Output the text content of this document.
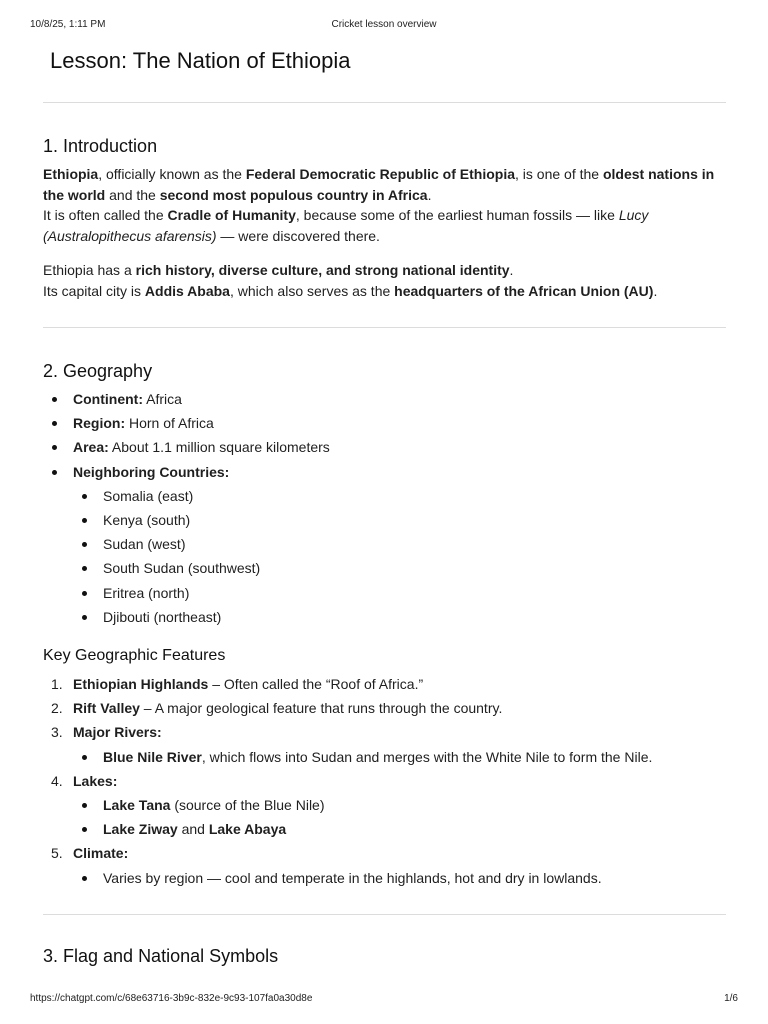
10/8/25, 1:11 PM	Cricket lesson overview
Lesson: The Nation of Ethiopia
1. Introduction

Ethiopia, officially known as the Federal Democratic Republic of Ethiopia, is one of the oldest nations in the world and the second most populous country in Africa.
It is often called the Cradle of Humanity, because some of the earliest human fossils — like Lucy (Australopithecus afarensis) — were discovered there.

Ethiopia has a rich history, diverse culture, and strong national identity.
Its capital city is Addis Ababa, which also serves as the headquarters of the African Union (AU).

2. Geography
Continent: Africa
Region: Horn of Africa
Area: About 1.1 million square kilometers
Neighboring Countries:
Somalia (east)
Kenya (south)
Sudan (west)
South Sudan (southwest)
Eritrea (north)
Djibouti (northeast)
Key Geographic Features
1. Ethiopian Highlands – Often called the “Roof of Africa.”
2. Rift Valley – A major geological feature that runs through the country.
3. Major Rivers:
Blue Nile River, which flows into Sudan and merges with the White Nile to form the Nile.
4. Lakes:
Lake Tana (source of the Blue Nile)
Lake Ziway and Lake Abaya
5. Climate:
Varies by region — cool and temperate in the highlands, hot and dry in lowlands.
3. Flag and National Symbols
https://chatgpt.com/c/68e63716-3b9c-832e-9c93-107fa0a30d8e	1/6
